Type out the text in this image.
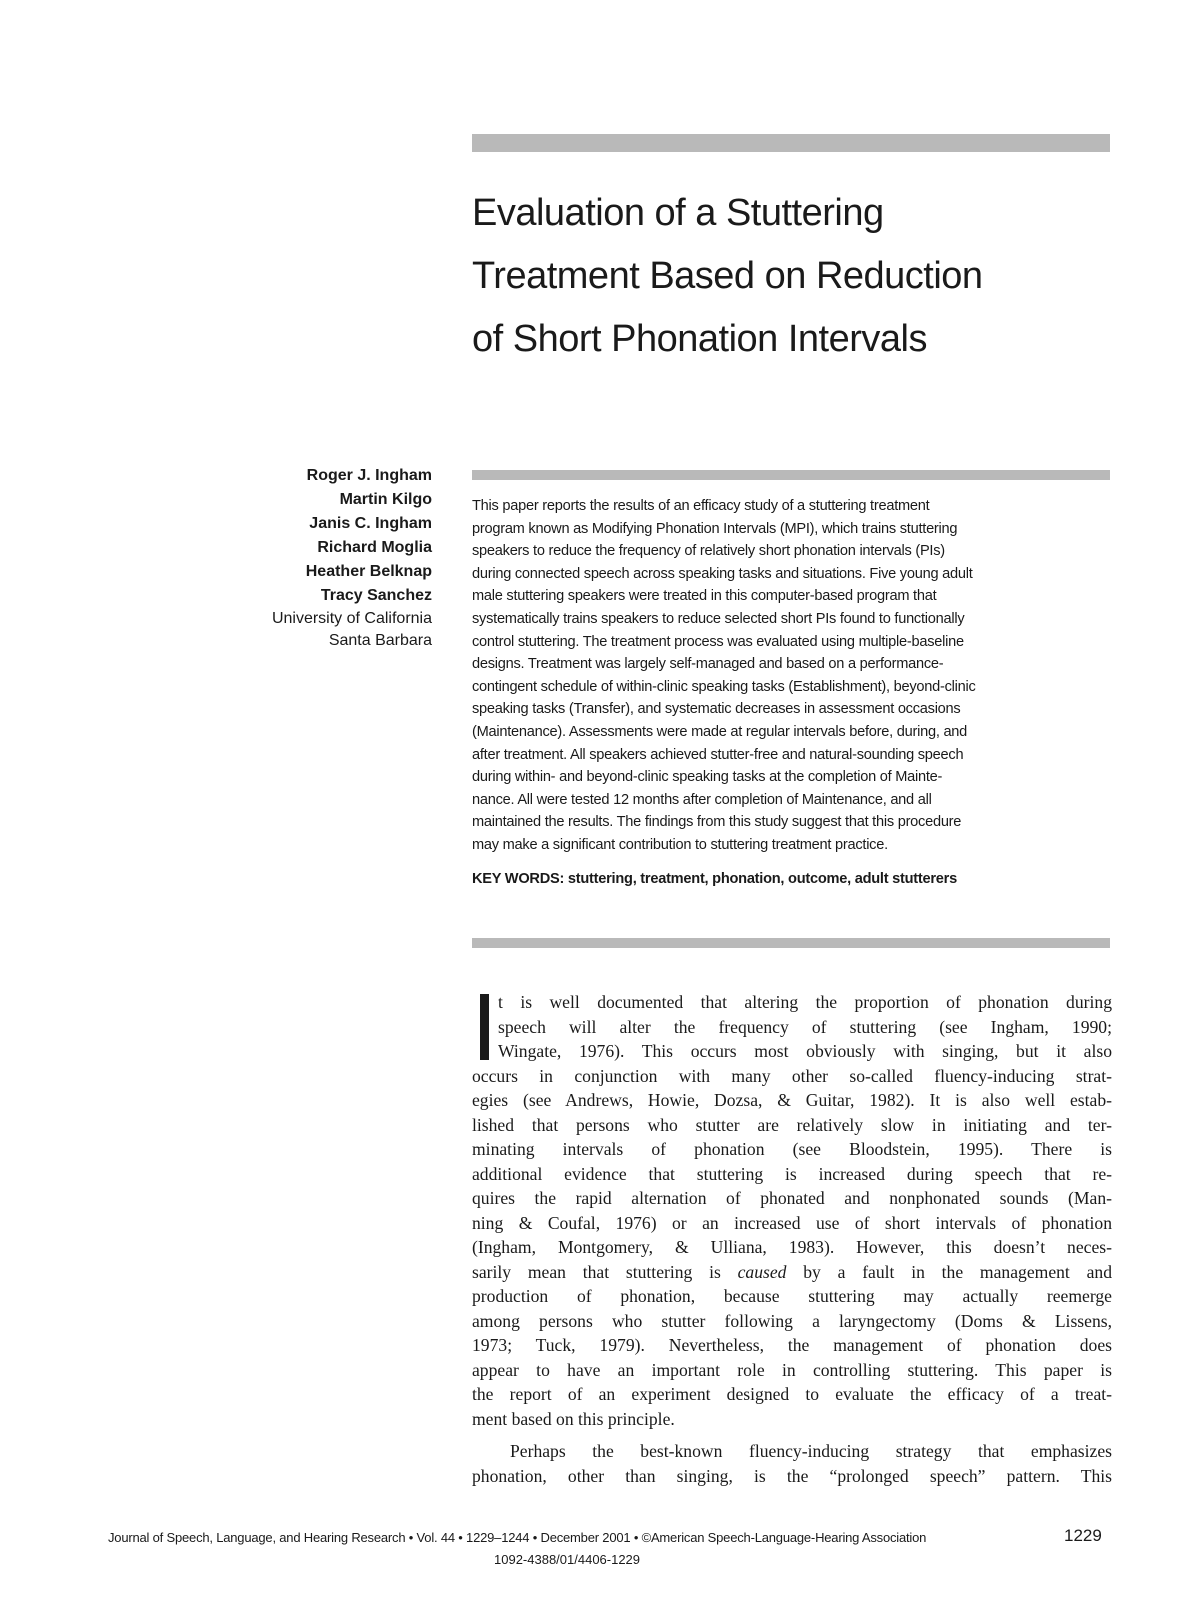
Evaluation of a Stuttering
Treatment Based on Reduction
of Short Phonation Intervals
Roger J. Ingham
Martin Kilgo
Janis C. Ingham
Richard Moglia
Heather Belknap
Tracy Sanchez
University of California
Santa Barbara
This paper reports the results of an efficacy study of a stuttering treatment
program known as Modifying Phonation Intervals (MPI), which trains stuttering
speakers to reduce the frequency of relatively short phonation intervals (PIs)
during connected speech across speaking tasks and situations. Five young adult
male stuttering speakers were treated in this computer-based program that
systematically trains speakers to reduce selected short PIs found to functionally
control stuttering. The treatment process was evaluated using multiple-baseline
designs. Treatment was largely self-managed and based on a performance-
contingent schedule of within-clinic speaking tasks (Establishment), beyond-clinic
speaking tasks (Transfer), and systematic decreases in assessment occasions
(Maintenance). Assessments were made at regular intervals before, during, and
after treatment. All speakers achieved stutter-free and natural-sounding speech
during within- and beyond-clinic speaking tasks at the completion of Mainte-
nance. All were tested 12 months after completion of Maintenance, and all
maintained the results. The findings from this study suggest that this procedure
may make a significant contribution to stuttering treatment practice.
KEY WORDS: stuttering, treatment, phonation, outcome, adult stutterers
t is well documented that altering the proportion of phonation during
speech will alter the frequency of stuttering (see Ingham, 1990;
Wingate, 1976). This occurs most obviously with singing, but it also
occurs in conjunction with many other so-called fluency-inducing strat-
egies (see Andrews, Howie, Dozsa, & Guitar, 1982). It is also well estab-
lished that persons who stutter are relatively slow in initiating and ter-
minating intervals of phonation (see Bloodstein, 1995). There is
additional evidence that stuttering is increased during speech that re-
quires the rapid alternation of phonated and nonphonated sounds (Man-
ning & Coufal, 1976) or an increased use of short intervals of phonation
(Ingham, Montgomery, & Ulliana, 1983). However, this doesn’t neces-
sarily mean that stuttering is caused by a fault in the management and
production of phonation, because stuttering may actually reemerge
among persons who stutter following a laryngectomy (Doms & Lissens,
1973; Tuck, 1979). Nevertheless, the management of phonation does
appear to have an important role in controlling stuttering. This paper is
the report of an experiment designed to evaluate the efficacy of a treat-
ment based on this principle.
Perhaps the best-known fluency-inducing strategy that emphasizes
phonation, other than singing, is the “prolonged speech” pattern. This
Journal of Speech, Language, and Hearing Research • Vol. 44 • 1229–1244 • December 2001 • ©American Speech-Language-Hearing Association	1229
1092-4388/01/4406-1229
